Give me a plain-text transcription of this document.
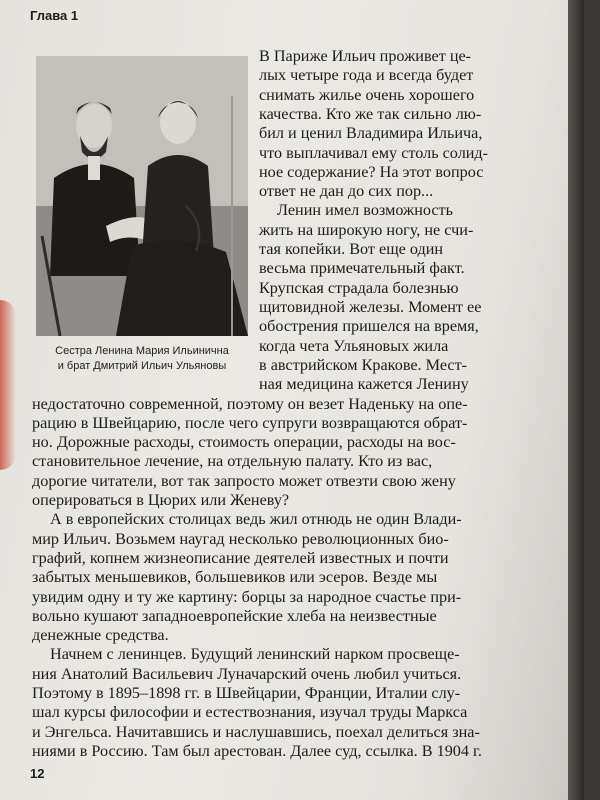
Глава 1
Сестра Ленина Мария Ильинична
и брат Дмитрий Ильич Ульяновы
В Париже Ильич проживет це-
лых четыре года и всегда будет
снимать жилье очень хорошего
качества. Кто же так сильно лю-
бил и ценил Владимира Ильича,
что выплачивал ему столь солид-
ное содержание? На этот вопрос
ответ не дан до сих пор...
Ленин имел возможность
жить на широкую ногу, не счи-
тая копейки. Вот еще один
весьма примечательный факт.
Крупская страдала болезнью
щитовидной железы. Момент ее
обострения пришелся на время,
когда чета Ульяновых жила
в австрийском Кракове. Мест-
ная медицина кажется Ленину
недостаточно современной, поэтому он везет Наденьку на опе-
рацию в Швейцарию, после чего супруги возвращаются обрат-
но. Дорожные расходы, стоимость операции, расходы на вос-
становительное лечение, на отдельную палату. Кто из вас,
дорогие читатели, вот так запросто может отвезти свою жену
оперироваться в Цюрих или Женеву?
А в европейских столицах ведь жил отнюдь не один Влади-
мир Ильич. Возьмем наугад несколько революционных био-
графий, копнем жизнеописание деятелей известных и почти
забытых меньшевиков, большевиков или эсеров. Везде мы
увидим одну и ту же картину: борцы за народное счастье при-
вольно кушают западноевропейские хлеба на неизвестные
денежные средства.
Начнем с ленинцев. Будущий ленинский нарком просвеще-
ния Анатолий Васильевич Луначарский очень любил учиться.
Поэтому в 1895–1898 гг. в Швейцарии, Франции, Италии слу-
шал курсы философии и естествознания, изучал труды Маркса
и Энгельса. Начитавшись и наслушавшись, поехал делиться зна-
ниями в Россию. Там был арестован. Далее суд, ссылка. В 1904 г.
12
